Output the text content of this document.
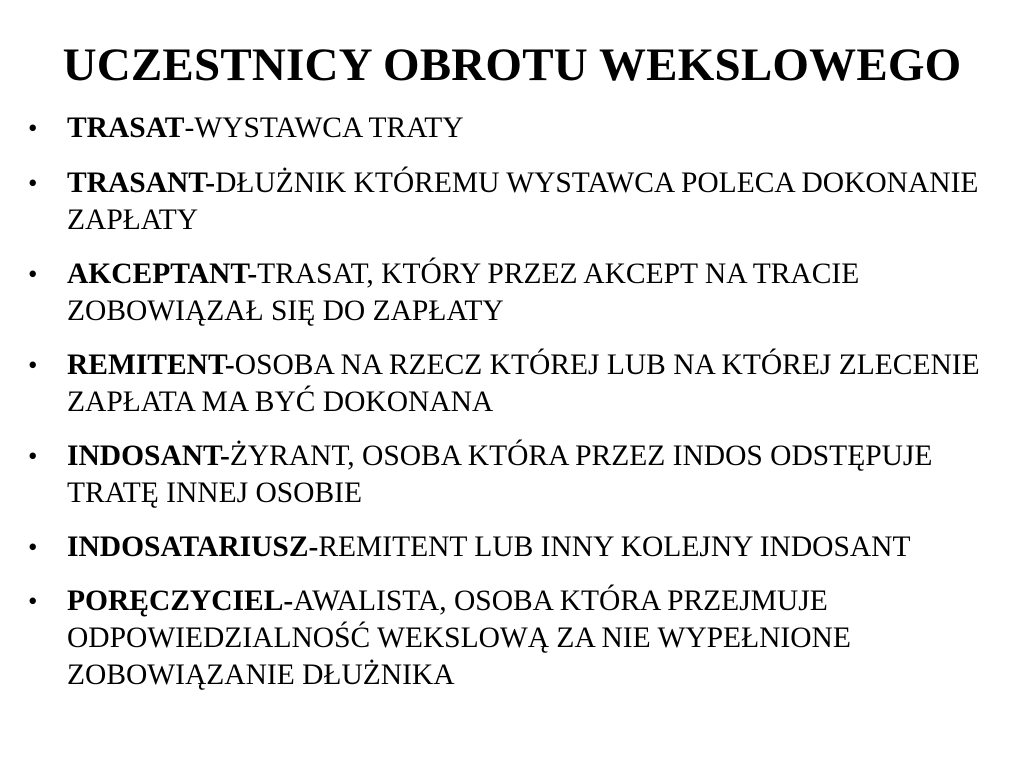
UCZESTNICY OBROTU WEKSLOWEGO
• TRASAT-WYSTAWCA TRATY
• TRASANT-DŁUŻNIK KTÓREMU WYSTAWCA POLECA DOKONANIE ZAPŁATY
• AKCEPTANT-TRASAT, KTÓRY PRZEZ AKCEPT NA TRACIE ZOBOWIĄZAŁ SIĘ DO ZAPŁATY
• REMITENT-OSOBA NA RZECZ KTÓREJ LUB NA KTÓREJ ZLECENIE ZAPŁATA MA BYĆ DOKONANA
• INDOSANT-ŻYRANT, OSOBA KTÓRA PRZEZ INDOS ODSTĘPUJE TRATĘ INNEJ OSOBIE
• INDOSATARIUSZ-REMITENT LUB INNY KOLEJNY INDOSANT
• PORĘCZYCIEL-AWALISTA, OSOBA KTÓRA PRZEJMUJE ODPOWIEDZIALNOŚĆ WEKSLOWĄ ZA NIE WYPEŁNIONE ZOBOWIĄZANIE DŁUŻNIKA
